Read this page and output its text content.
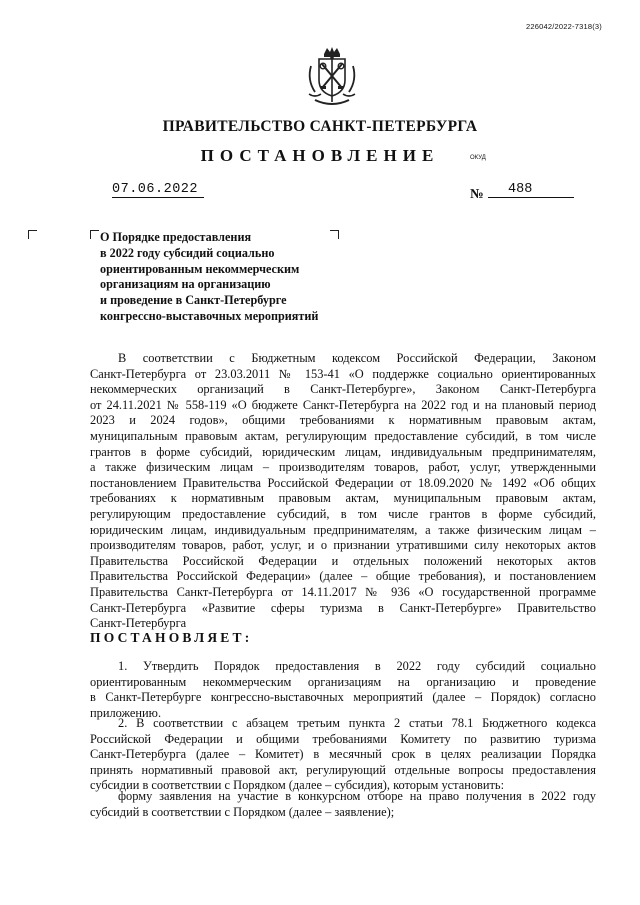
226042/2022-7318(3)
ПРАВИТЕЛЬСТВО САНКТ-ПЕТЕРБУРГА
ПОСТАНОВЛЕНИЕ	ОКУД
07.06.2022	№	488
О Порядке предоставления
в 2022 году субсидий социально
ориентированным некоммерческим
организациям на организацию
и проведение в Санкт-Петербурге
конгрессно-выставочных мероприятий
В соответствии с Бюджетным кодексом Российской Федерации, Законом
Санкт-Петербурга от 23.03.2011 № 153-41 «О поддержке социально ориентированных
некоммерческих организаций в Санкт-Петербурге», Законом Санкт-Петербурга
от 24.11.2021 № 558-119 «О бюджете Санкт-Петербурга на 2022 год и на плановый период
2023 и 2024 годов», общими требованиями к нормативным правовым актам,
муниципальным правовым актам, регулирующим предоставление субсидий, в том числе
грантов в форме субсидий, юридическим лицам, индивидуальным предпринимателям,
а также физическим лицам – производителям товаров, работ, услуг, утвержденными
постановлением Правительства Российской Федерации от 18.09.2020 № 1492 «Об общих
требованиях к нормативным правовым актам, муниципальным правовым актам,
регулирующим предоставление субсидий, в том числе грантов в форме субсидий,
юридическим лицам, индивидуальным предпринимателям, а также физическим лицам –
производителям товаров, работ, услуг, и о признании утратившими силу некоторых актов
Правительства Российской Федерации и отдельных положений некоторых актов
Правительства Российской Федерации» (далее – общие требования), и постановлением
Правительства Санкт-Петербурга от 14.11.2017 № 936 «О государственной программе
Санкт-Петербурга «Развитие сферы туризма в Санкт-Петербурге» Правительство
Санкт-Петербурга
ПОСТАНОВЛЯЕТ:
1. Утвердить Порядок предоставления в 2022 году субсидий социально
ориентированным некоммерческим организациям на организацию и проведение
в Санкт-Петербурге конгрессно-выставочных мероприятий (далее – Порядок) согласно
приложению.
2. В соответствии с абзацем третьим пункта 2 статьи 78.1 Бюджетного кодекса
Российской Федерации и общими требованиями Комитету по развитию туризма
Санкт-Петербурга (далее – Комитет) в месячный срок в целях реализации Порядка
принять нормативный правовой акт, регулирующий отдельные вопросы предоставления
субсидии в соответствии с Порядком (далее – субсидия), которым установить:
форму заявления на участие в конкурсном отборе на право получения в 2022 году
субсидий в соответствии с Порядком (далее – заявление);
